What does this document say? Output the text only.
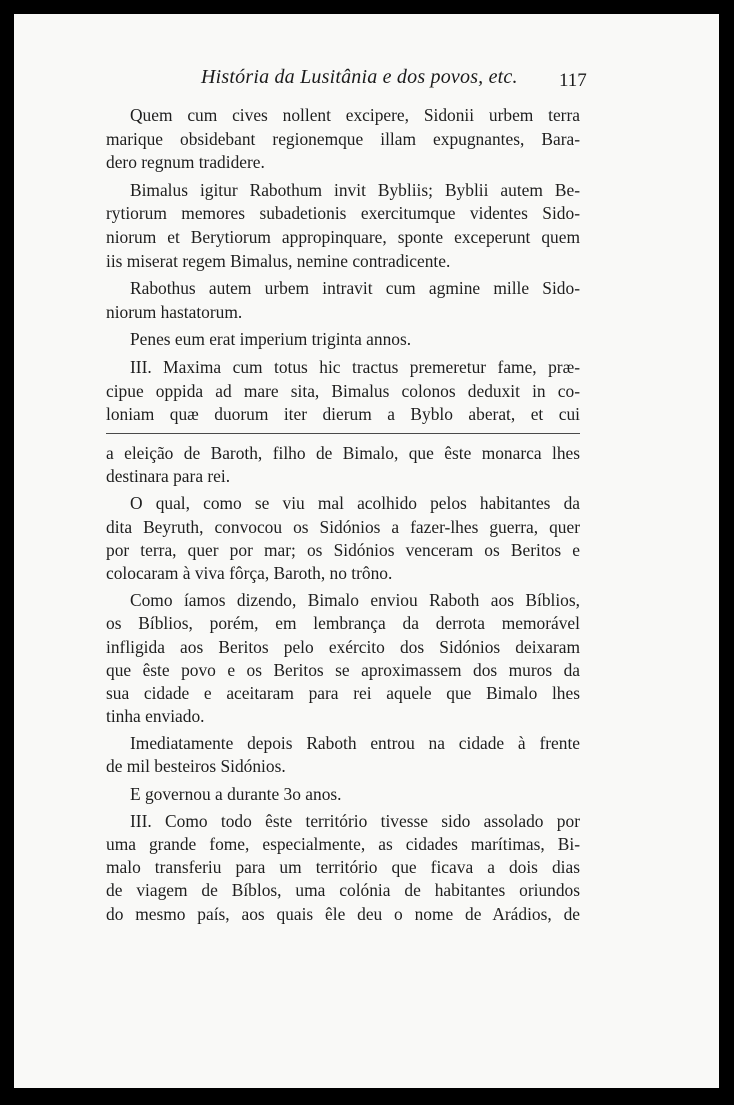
História da Lusitânia e dos povos, etc. 117
Quem cum cives nollent excipere, Sidonii urbem terra
marique obsidebant regionemque illam expugnantes, Bara-
dero regnum tradidere.
Bimalus igitur Rabothum invit Bybliis; Byblii autem Be-
rytiorum memores subadetionis exercitumque videntes Sido-
niorum et Berytiorum appropinquare, sponte exceperunt quem
iis miserat regem Bimalus, nemine contradicente.
Rabothus autem urbem intravit cum agmine mille Sido-
niorum hastatorum.
Penes eum erat imperium triginta annos.
III. Maxima cum totus hic tractus premeretur fame, præ-
cipue oppida ad mare sita, Bimalus colonos deduxit in co-
loniam quæ duorum iter dierum a Byblo aberat, et cui
a eleição de Baroth, filho de Bimalo, que êste monarca lhes
destinara para rei.
O qual, como se viu mal acolhido pelos habitantes da
dita Beyruth, convocou os Sidónios a fazer-lhes guerra, quer
por terra, quer por mar; os Sidónios venceram os Beritos e
colocaram à viva fôrça, Baroth, no trôno.
Como íamos dizendo, Bimalo enviou Raboth aos Bíblios,
os Bíblios, porém, em lembrança da derrota memorável
infligida aos Beritos pelo exército dos Sidónios deixaram
que êste povo e os Beritos se aproximassem dos muros da
sua cidade e aceitaram para rei aquele que Bimalo lhes
tinha enviado.
Imediatamente depois Raboth entrou na cidade à frente
de mil besteiros Sidónios.
E governou a durante 3o anos.
III. Como todo êste território tivesse sido assolado por
uma grande fome, especialmente, as cidades marítimas, Bi-
malo transferiu para um território que ficava a dois dias
de viagem de Bíblos, uma colónia de habitantes oriundos
do mesmo país, aos quais êle deu o nome de Arádios, de
